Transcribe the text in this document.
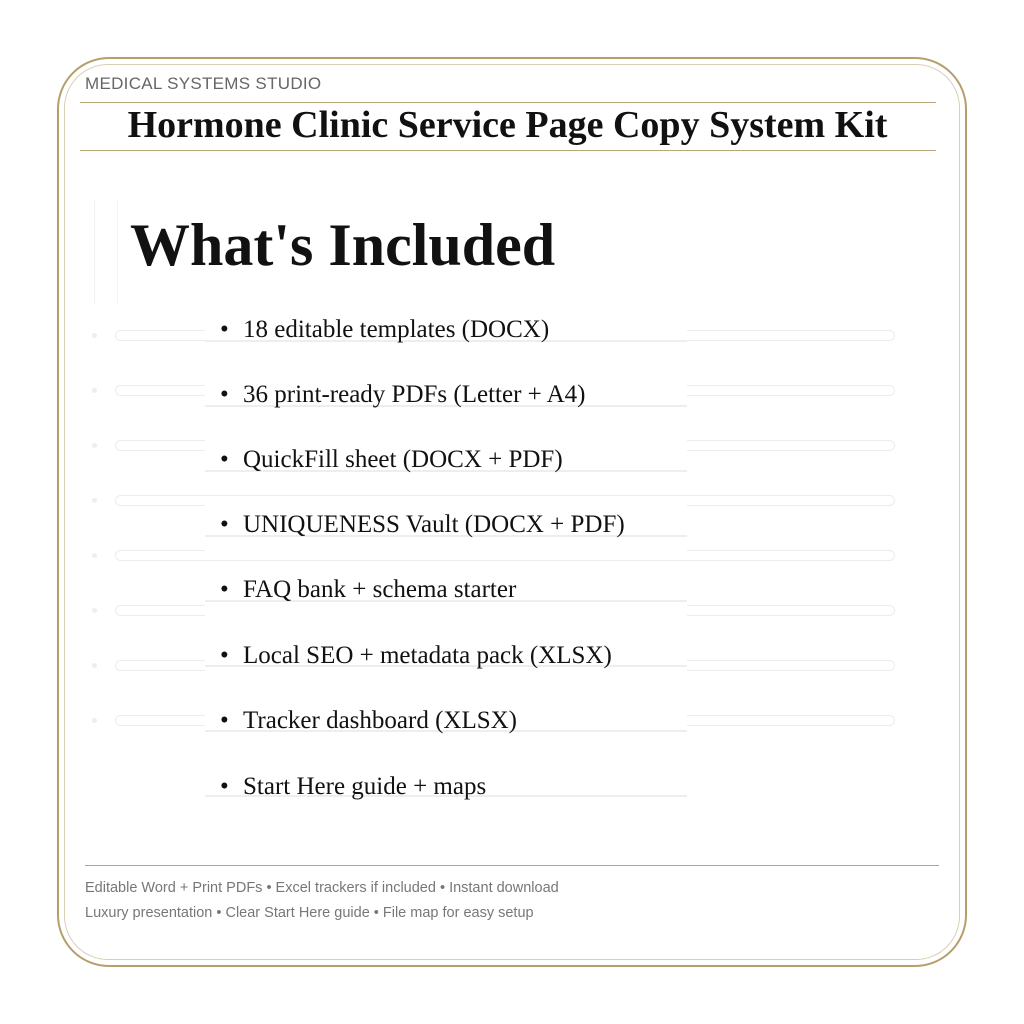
MEDICAL SYSTEMS STUDIO
Hormone Clinic Service Page Copy System Kit
What's Included
• 18 editable templates (DOCX)
• 36 print-ready PDFs (Letter + A4)
• QuickFill sheet (DOCX + PDF)
• UNIQUENESS Vault (DOCX + PDF)
• FAQ bank + schema starter
• Local SEO + metadata pack (XLSX)
• Tracker dashboard (XLSX)
• Start Here guide + maps
Editable Word + Print PDFs • Excel trackers if included • Instant download
Luxury presentation • Clear Start Here guide • File map for easy setup
